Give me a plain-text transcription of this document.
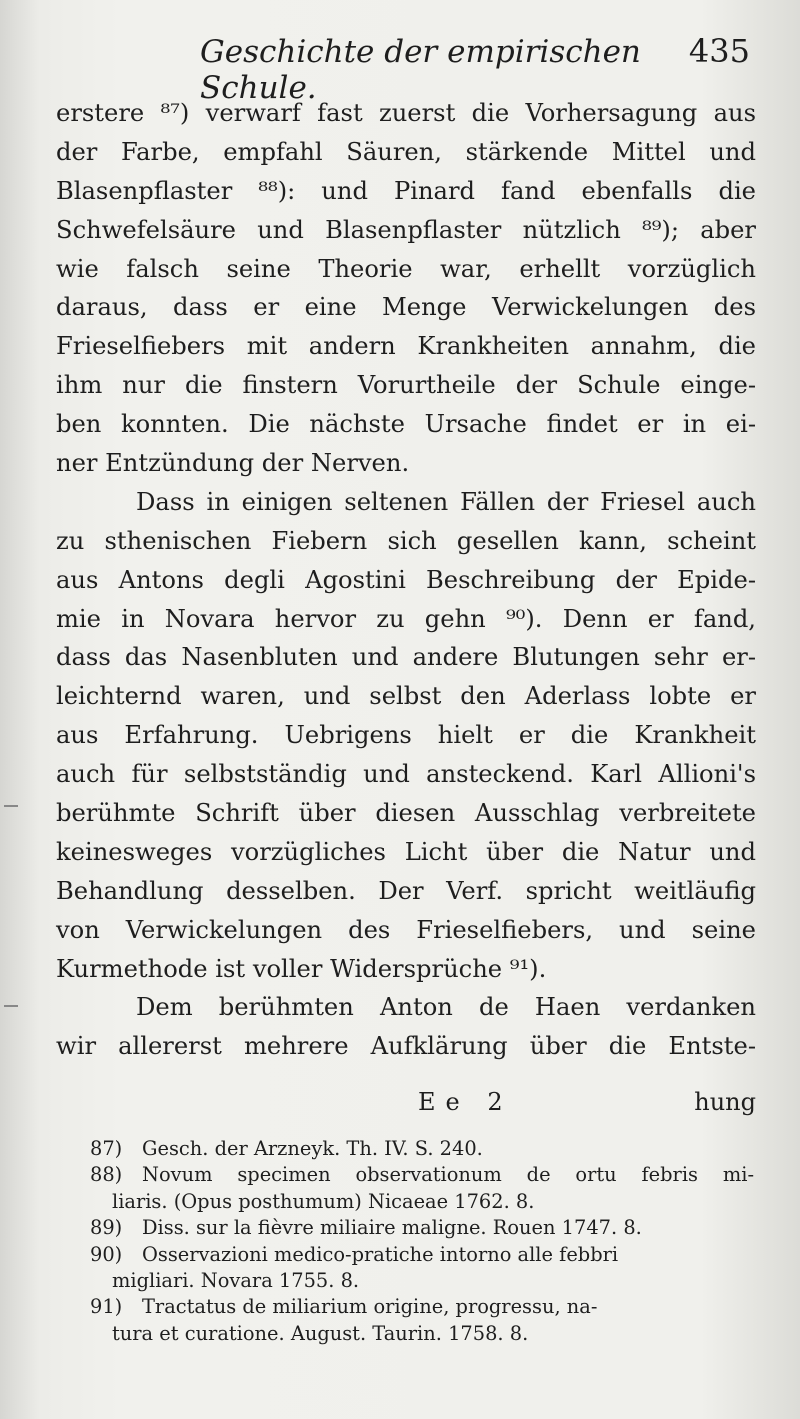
Geschichte der empirischen Schule.
435
erstere ⁸⁷) verwarf fast zuerst die Vorhersagung aus
der Farbe, empfahl Säuren, stärkende Mittel und
Blasenpflaster ⁸⁸): und Pinard fand ebenfalls die
Schwefelsäure und Blasenpflaster nützlich ⁸⁹); aber
wie falsch seine Theorie war, erhellt vorzüglich
daraus, dass er eine Menge Verwickelungen des
Frieselfiebers mit andern Krankheiten annahm, die
ihm nur die finstern Vorurtheile der Schule einge-
ben konnten. Die nächste Ursache findet er in ei-
ner Entzündung der Nerven.
Dass in einigen seltenen Fällen der Friesel auch
zu sthenischen Fiebern sich gesellen kann, scheint
aus Antons degli Agostini Beschreibung der Epide-
mie in Novara hervor zu gehn ⁹⁰). Denn er fand,
dass das Nasenbluten und andere Blutungen sehr er-
leichternd waren, und selbst den Aderlass lobte er
aus Erfahrung. Uebrigens hielt er die Krankheit
auch für selbstständig und ansteckend. Karl Allioni's
berühmte Schrift über diesen Ausschlag verbreitete
keinesweges vorzügliches Licht über die Natur und
Behandlung desselben. Der Verf. spricht weitläufig
von Verwickelungen des Frieselfiebers, und seine
Kurmethode ist voller Widersprüche ⁹¹).
Dem berühmten Anton de Haen verdanken
wir allererst mehrere Aufklärung über die Entste-
Ee 2	hung
87) Gesch. der Arzneyk. Th. IV. S. 240.
88) Novum specimen observationum de ortu febris mi-
liaris. (Opus posthumum) Nicaeae 1762. 8.
89) Diss. sur la fièvre miliaire maligne. Rouen 1747. 8.
90) Osservazioni medico-pratiche intorno alle febbri
migliari. Novara 1755. 8.
91) Tractatus de miliarium origine, progressu, na-
tura et curatione. August. Taurin. 1758. 8.
